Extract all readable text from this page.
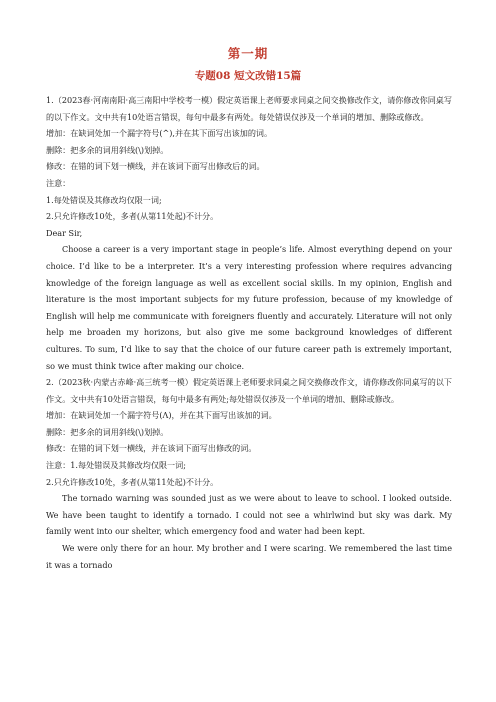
第一期
专题08 短文改错15篇

1.（2023春·河南南阳·高三南阳中学校考一模）假定英语课上老师要求同桌之间交换修改作文，请你修改你同桌写的以下作文。文中共有10处语言错误，每句中最多有两处。每处错误仅涉及一个单词的增加、删除或修改。

增加：在缺词处加一个漏字符号(^),并在其下面写出该加的词。

删除：把多余的词用斜线(\)划掉。

修改：在错的词下划一横线，并在该词下面写出修改后的词。

注意：

1.每处错误及其修改均仅限一词;

2.只允许修改10处，多者(从第11处起)不计分。

Dear Sir,

Choose a career is a very important stage in people’s life. Almost everything depend on your choice. I’d like to be a interpreter. It’s a very interesting profession where requires advancing knowledge of the foreign language as well as excellent social skills. In my opinion, English and literature is the most important subjects for my future profession, because of my knowledge of English will help me communicate with foreigners fluently and accurately. Literature will not only help me broaden my horizons, but also give me some background knowledges of different cultures. To sum, I’d like to say that the choice of our future career path is extremely important, so we must think twice after making our choice.

2.（2023秋·内蒙古赤峰·高三统考一模）假定英语课上老师要求同桌之间交换修改作文，请你修改你同桌写的以下作文。文中共有10处语言错误，每句中最多有两处;每处错误仅涉及一个单词的增加、删除或修改。

增加：在缺词处加一个漏字符号(Ʌ)，并在其下面写出该加的词。

删除：把多余的词用斜线(\)划掉。

修改：在错的词下划一横线，并在该词下面写出修改的词。

注意：1.每处错误及其修改均仅限一词;

2.只允许修改10处，多者(从第11处起)不计分。

The tornado warning was sounded just as we were about to leave to school. I looked outside. We have been taught to identify a tornado. I could not see a whirlwind but sky was dark. My family went into our shelter, which emergency food and water had been kept.

We were only there for an hour. My brother and I were scaring. We remembered the last time it was a tornado
